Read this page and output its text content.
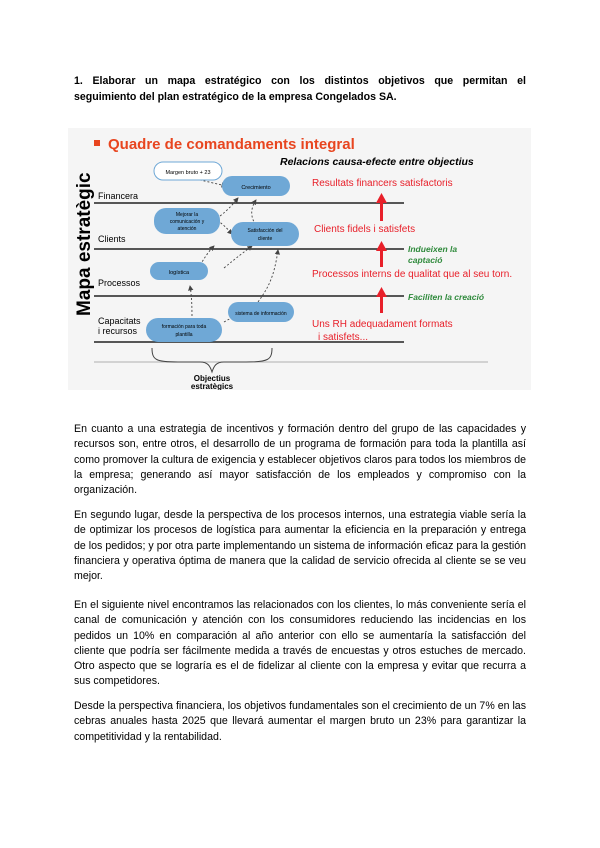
1. Elaborar un mapa estratégico con los distintos objetivos que permitan el
seguimiento del plan estratégico de la empresa Congelados SA.
Quadre de comandaments integral
Mapa estratègic
Relacions causa-efecte entre objectius
Financera
Clients
Processos
Capacitats
i recursos
Margen bruto + 23
Crecimiento
Mejorar la
comunicación y
atención	Satisfacción del
cliente
logística
sistema de información
formación para toda
plantilla
Resultats financers satisfactoris
Clients fidels i satisfets
Indueixen la
captació
Processos interns de qualitat que al seu torn.
Faciliten la creació
Uns RH adequadament formats
i satisfets...
Objectius
estratègics

En cuanto a una estrategia de incentivos y formación dentro del grupo de las capacidades y recursos son, entre otros, el desarrollo de un programa de formación para toda la plantilla así como promover la cultura de exigencia y establecer objetivos claros para todos los miembros de la empresa; generando así mayor satisfacción de los empleados y compromiso con la organización.

En segundo lugar, desde la perspectiva de los procesos internos, una estrategia viable sería la de optimizar los procesos de logística para aumentar la eficiencia en la preparación y entrega de los pedidos; y por otra parte implementando un sistema de información eficaz para la gestión financiera y operativa óptima de manera que la calidad de servicio ofrecida al cliente se se veu mejor.

En el siguiente nivel encontramos las relacionados con los clientes, lo más conveniente sería el canal de comunicación y atención con los consumidores reduciendo las incidencias en los pedidos un 10% en comparación al año anterior con ello se aumentaría la satisfacción del cliente que podría ser fácilmente medida a través de encuestas y otros estuches de mercado. Otro aspecto que se lograría es el de fidelizar al cliente con la empresa y evitar que recurra a sus competidores.

Desde la perspectiva financiera, los objetivos fundamentales son el crecimiento de un 7% en las cebras anuales hasta 2025 que llevará aumentar el margen bruto un 23% para garantizar la competitividad y la rentabilidad.
